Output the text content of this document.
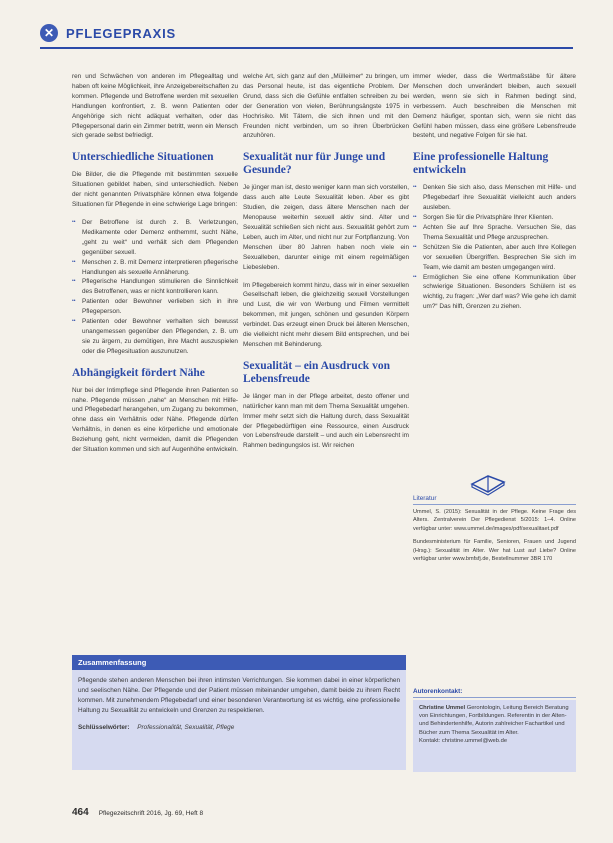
✕ PFLEGEPRAXIS

ren und Schwächen von anderen im Pflegealltag und haben oft keine Möglichkeit, ihre Anzeigebereitschaften zu kommen. Pflegende und Betroffene werden mit sexuellen Handlungen konfrontiert, z. B. wenn Patienten oder Angehörige sich nicht adäquat verhalten, oder das Pflegepersonal darin ein Zimmer betritt, wenn ein Mensch sich gerade selbst befriedigt.

Unterschiedliche Situationen

Die Bilder, die die Pflegende mit bestimmten sexuelle Situationen gebildet haben, sind unterschiedlich. Neben der nicht genannten Privatsphäre können etwa folgende Situationen für Pflegende in eine schwierige Lage bringen:

•• Der Betroffene ist durch z. B. Verletzungen, Medikamente oder Demenz enthemmt, sucht Nähe, „geht zu weit“ und verhält sich dem Pflegenden gegenüber sexuell.
•• Menschen z. B. mit Demenz interpretieren pflegerische Handlungen als sexuelle Annäherung.
•• Pflegerische Handlungen stimulieren die Sinnlichkeit des Betroffenen, was er nicht kontrollieren kann.
•• Patienten oder Bewohner verlieben sich in ihre Pflegeperson.
•• Patienten oder Bewohner verhalten sich bewusst unangemessen gegenüber den Pflegenden, z. B. um sie zu ärgern, zu demütigen, ihre Macht auszuspielen oder die Pflegesituation auszunutzen.
Abhängigkeit fördert Nähe

Nur bei der Intimpflege sind Pflegende ihren Patienten so nahe. Pflegende müssen „nahe“ an Menschen mit Hilfe- und Pflegebedarf herangehen, um Zugang zu bekommen, ohne dass ein Verhältnis oder Nähe. Pflegende dürfen Verhältnis, in denen es eine körperliche und emotionale Beziehung geht, nicht vermeiden, damit die Pflegenden der Situation kommen und sich auf Augenhöhe entwickeln.

welche Art, sich ganz auf den „Mülleimer“ zu bringen, um das Personal heute, ist das eigentliche Problem. Der Grund, dass sich die Gefühle entfalten schreiben zu bei der Generation von vielen, Berührungsängste 1975 in Hochrisiko. Mit Tätern, die sich ihnen und mit den Freunden nicht verbinden, um so ihren Überbrücken anzuhören.

Sexualität nur für Junge und Gesunde?

Je jünger man ist, desto weniger kann man sich vorstellen, dass auch alte Leute Sexualität leben. Aber es gibt Studien, die zeigen, dass ältere Menschen nach der Menopause weiterhin sexuell aktiv sind. Alter und Sexualität schließen sich nicht aus. Sexualität gehört zum Leben, auch im Alter, und nicht nur zur Fortpflanzung. Von Menschen über 80 Jahren haben noch viele ein Sexualleben, darunter einige mit einem regelmäßigen Liebesleben.

Im Pflegebereich kommt hinzu, dass wir in einer sexuellen Gesellschaft leben, die gleichzeitig sexuell Vorstellungen und Lust, die wir von Werbung und Filmen vermittelt bekommen, mit jungen, schönen und gesunden Körpern verbindet. Das erzeugt einen Druck bei älteren Menschen, die vielleicht nicht mehr diesem Bild entsprechen, und bei Menschen mit Behinderung.

Sexualität – ein Ausdruck von Lebensfreude

Je länger man in der Pflege arbeitet, desto offener und natürlicher kann man mit dem Thema Sexualität umgehen. Immer mehr setzt sich die Haltung durch, dass Sexualität der Pflegebedürftigen eine Ressource, einen Ausdruck von Lebensfreude darstellt – und auch ein Lebensrecht im Rahmen bedingungslos ist. Wir reichen

immer wieder, dass die Wertmaßstäbe für ältere Menschen doch unverändert bleiben, auch sexuell werden, wenn sie sich in Rahmen bedingt sind, verbessern. Auch beschreiben die Menschen mit Demenz häufiger, spontan sich, wenn sie nicht das Gefühl haben müssen, dass eine größere Lebensfreude besteht, und negative Folgen für sie hat.

Eine professionelle Haltung entwickeln
•• Denken Sie sich also, dass Menschen mit Hilfe- und Pflegebedarf ihre Sexualität vielleicht auch anders ausleben.
•• Sorgen Sie für die Privatsphäre Ihrer Klienten.
•• Achten Sie auf Ihre Sprache. Versuchen Sie, das Thema Sexualität und Pflege anzusprechen.
•• Schützen Sie die Patienten, aber auch Ihre Kollegen vor sexuellen Übergriffen. Besprechen Sie sich im Team, wie damit am besten umgegangen wird.
•• Ermöglichen Sie eine offene Kommunikation über schwierige Situationen. Besonders Schülern ist es wichtig, zu fragen: „Wer darf was? Wie gehe ich damit um?“ Das hilft, Grenzen zu ziehen.
Literatur

Ummel, S. (2015): Sexualität in der Pflege. Keine Frage des Alters. Zentralverein Der Pflegedienst 5/2015: 1–4. Online verfügbar unter: www.ummel.de/images/pdf/sexualitaet.pdf

Bundesministerium für Familie, Senioren, Frauen und Jugend (Hrsg.): Sexualität im Alter. Wer hat Lust auf Liebe? Online verfügbar unter www.bmfsfj.de, Bestellnummer 3BR 170

Zusammenfassung
Pflegende stehen anderen Menschen bei ihren intimsten Verrichtungen. Sie kommen dabei in einer körperlichen und seelischen Nähe. Der Pflegende und der Patient müssen miteinander umgehen, damit beide zu ihrem Recht kommen. Mit zunehmendem Pflegebedarf und einer besonderen Verantwortung ist es wichtig, eine professionelle Haltung zu Sexualität zu entwickeln und Grenzen zu respektieren.
Schlüsselwörter: Professionalität, Sexualität, Pflege
Autorenkontakt:
Christine Ummel Gerontologin, Leitung Bereich Beratung von Einrichtungen, Fortbildungen. Referentin in der Alten- und Behindertenhilfe, Autorin zahlreicher Fachartikel und Bücher zum Thema Sexualität im Alter.
Kontakt: christine.ummel@web.de
464 Pflegezeitschrift 2016, Jg. 69, Heft 8
